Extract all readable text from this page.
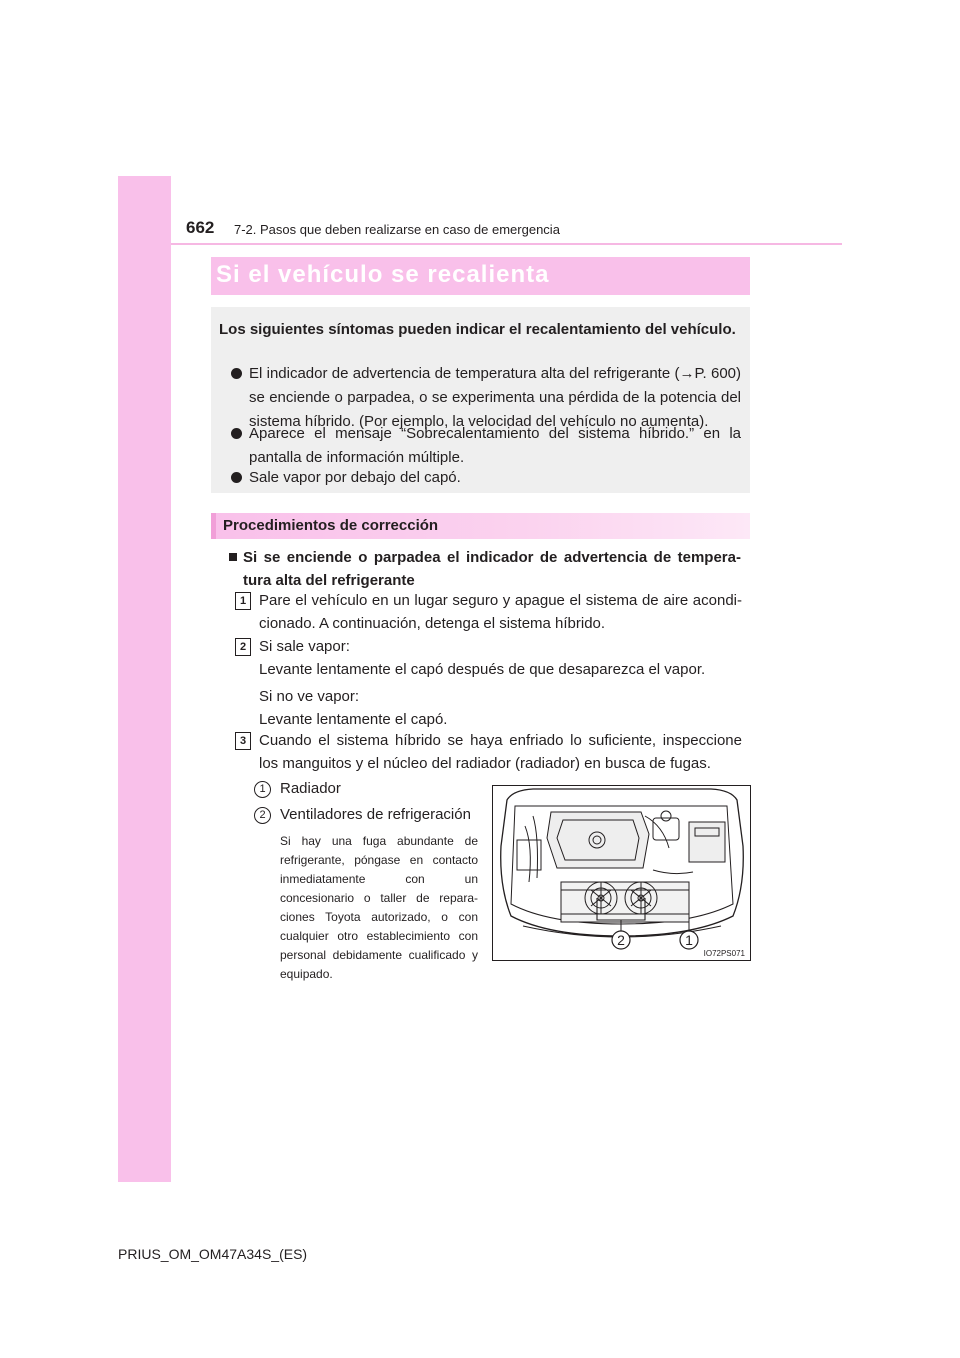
662 7-2. Pasos que deben realizarse en caso de emergencia
Si el vehículo se recalienta
Los siguientes síntomas pueden indicar el recalentamiento del vehículo.
El indicador de advertencia de temperatura alta del refrigerante (→P. 600) se enciende o parpadea, o se experimenta una pérdida de la potencia del sistema híbrido. (Por ejemplo, la velocidad del vehículo no aumenta).
Aparece el mensaje “Sobrecalentamiento del sistema híbrido.” en la pantalla de información múltiple.
Sale vapor por debajo del capó.
Procedimientos de corrección
Si se enciende o parpadea el indicador de advertencia de temperatura alta del refrigerante
1 Pare el vehículo en un lugar seguro y apague el sistema de aire acondicionado. A continuación, detenga el sistema híbrido.
2 Si sale vapor:
Levante lentamente el capó después de que desaparezca el vapor.
Si no ve vapor:
Levante lentamente el capó.
3 Cuando el sistema híbrido se haya enfriado lo suficiente, inspeccione los manguitos y el núcleo del radiador (radiador) en busca de fugas.
1 Radiador
2 Ventiladores de refrigeración
Si hay una fuga abundante de refrigerante, póngase en contacto inmediatamente con un concesionario o taller de reparaciones Toyota autorizado, o con cualquier otro establecimiento con personal debidamente cualificado y equipado.
2	1
IO72PS071
PRIUS_OM_OM47A34S_(ES)
